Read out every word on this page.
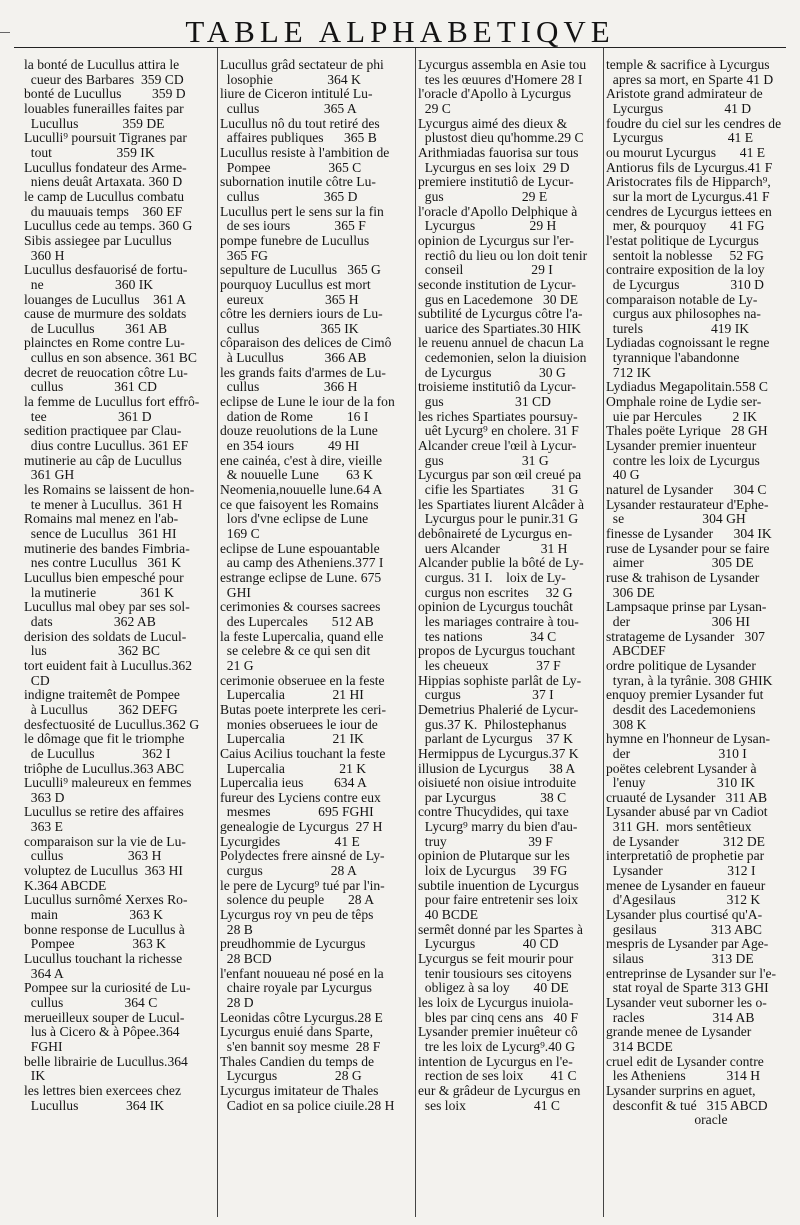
TABLE ALPHABETIQVE
la bonté de Lucullus attira le
cueur des Barbares  359 CD
bonté de Lucullus         359 D
louables funerailles faites par
Lucullus             359 DE
Luculli⁹ poursuit Tigranes par
tout                   359 IK
Lucullus fondateur des Arme-
niens deuât Artaxata. 360 D
le camp de Lucullus combatu
du mauuais temps    360 EF
Lucullus cede au temps. 360 G
Sibis assiegee par Lucullus
360 H
Lucullus desfauorisé de fortu-
ne                     360 IK
louanges de Lucullus    361 A
cause de murmure des soldats
de Lucullus         361 AB
plainctes en Rome contre Lu-
cullus en son absence. 361 BC
decret de reuocation côtre Lu-
cullus               361 CD
la femme de Lucullus fort effrô-
tee                     361 D
sedition practiquee par Clau-
dius contre Lucullus. 361 EF
mutinerie au câp de Lucullus
361 GH
les Romains se laissent de hon-
te mener à Lucullus.  361 H
Romains mal menez en l'ab-
sence de Lucullus   361 HI
mutinerie des bandes Fimbria-
nes contre Lucullus   361 K
Lucullus bien empesché pour
la mutinerie             361 K
Lucullus mal obey par ses sol-
dats                  362 AB
derision des soldats de Lucul-
lus                     362 BC
tort euident fait à Lucullus.362
CD
indigne traitemêt de Pompee
à Lucullus         362 DEFG
desfectuosité de Lucullus.362 G
le dômage que fit le triomphe
de Lucullus              362 I
triôphe de Lucullus.363 ABC
Luculli⁹ maleureux en femmes
363 D
Lucullus se retire des affaires
363 E
comparaison sur la vie de Lu-
cullus                   363 H
voluptez de Lucullus  363 HI
K.364 ABCDE
Lucullus surnômé Xerxes Ro-
main                     363 K
bonne response de Lucullus à
Pompee                 363 K
Lucullus touchant la richesse
364 A
Pompee sur la curiosité de Lu-
cullus                  364 C
merueilleux souper de Lucul-
lus à Cicero & à Pôpee.364
FGHI
belle librairie de Lucullus.364
IK
les lettres bien exercees chez
Lucullus              364 IK
Lucullus grâd sectateur de phi
losophie                364 K
liure de Ciceron intitulé Lu-
cullus                   365 A
Lucullus nô du tout retiré des
affaires publiques      365 B
Lucullus resiste à l'ambition de
Pompee                 365 C
subornation inutile côtre Lu-
cullus                   365 D
Lucullus pert le sens sur la fin
de ses iours             365 F
pompe funebre de Lucullus
365 FG
sepulture de Lucullus   365 G
pourquoy Lucullus est mort
eureux                  365 H
côtre les derniers iours de Lu-
cullus                  365 IK
côparaison des delices de Cimô
à Lucullus            366 AB
les grands faits d'armes de Lu-
cullus                   366 H
eclipse de Lune le iour de la fon
dation de Rome          16 I
douze reuolutions de la Lune
en 354 iours          49 HI
ene cainéa, c'est à dire, vieille
& nouuelle Lune        63 K
Neomenia,nouuelle lune.64 A
ce que faisoyent les Romains
lors d'vne eclipse de Lune
169 C
eclipse de Lune espouantable
au camp des Atheniens.377 I
estrange eclipse de Lune. 675
GHI
cerimonies & courses sacrees
des Lupercales       512 AB
la feste Lupercalia, quand elle
se celebre & ce qui sen dit
21 G
cerimonie obseruee en la feste
Lupercalia              21 HI
Butas poete interprete les ceri-
monies obseruees le iour de
Lupercalia              21 IK
Caius Acilius touchant la feste
Lupercalia                21 K
Lupercalia ieus         634 A
fureur des Lyciens contre eux
mesmes              695 FGHI
genealogie de Lycurgus  27 H
Lycurgides                41 E
Polydectes frere ainsné de Ly-
curgus                    28 A
le pere de Lycurg⁹ tué par l'in-
solence du peuple       28 A
Lycurgus roy vn peu de têps
28 B
preudhommie de Lycurgus
28 BCD
l'enfant nouueau né posé en la
chaire royale par Lycurgus
28 D
Leonidas côtre Lycurgus.28 E
Lycurgus enuié dans Sparte,
s'en bannit soy mesme  28 F
Thales Candien du temps de
Lycurgus                 28 G
Lycurgus imitateur de Thales
Cadiot en sa police ciuile.28 H
Lycurgus assembla en Asie tou
tes les œuures d'Homere 28 I
l'oracle d'Apollo à Lycurgus
29 C
Lycurgus aimé des dieux &
plustost dieu qu'homme.29 C
Arithmiadas fauorisa sur tous
Lycurgus en ses loix  29 D
premiere institutiô de Lycur-
gus                       29 E
l'oracle d'Apollo Delphique à
Lycurgus                29 H
opinion de Lycurgus sur l'er-
rectiô du lieu ou lon doit tenir
conseil                    29 I
seconde institution de Lycur-
gus en Lacedemone   30 DE
subtilité de Lycurgus côtre l'a-
uarice des Spartiates.30 HIK
le reuenu annuel de chacun La
cedemonien, selon la diuision
de Lycurgus              30 G
troisieme institutiô da Lycur-
gus                     31 CD
les riches Spartiates poursuy-
uêt Lycurg⁹ en cholere. 31 F
Alcander creue l'œil à Lycur-
gus                       31 G
Lycurgus par son œil creué pa
cifie les Spartiates        31 G
les Spartiates liurent Alcâder à
Lycurgus pour le punir.31 G
debônaireté de Lycurgus en-
uers Alcander            31 H
Alcander publie la bôté de Ly-
curgus. 31 I.    loix de Ly-
curgus non escrites     32 G
opinion de Lycurgus touchât
les mariages contraire à tou-
tes nations              34 C
propos de Lycurgus touchant
les cheueux              37 F
Hippias sophiste parlât de Ly-
curgus                     37 I
Demetrius Phalerié de Lycur-
gus.37 K.  Philostephanus
parlant de Lycurgus    37 K
Hermippus de Lycurgus.37 K
illusion de Lycurgus      38 A
oisiueté non oisiue introduite
par Lycurgus             38 C
contre Thucydides, qui taxe
Lycurg⁹ marry du bien d'au-
truy                        39 F
opinion de Plutarque sur les
loix de Lycurgus     39 FG
subtile inuention de Lycurgus
pour faire entretenir ses loix
40 BCDE
sermêt donné par les Spartes à
Lycurgus              40 CD
Lycurgus se feit mourir pour
tenir tousiours ses citoyens
obligez à sa loy       40 DE
les loix de Lycurgus inuiola-
bles par cinq cens ans   40 F
Lysander premier inuêteur cô
tre les loix de Lycurg⁹.40 G
intention de Lycurgus en l'e-
rection de ses loix        41 C
eur & grâdeur de Lycurgus en
ses loix                    41 C
temple & sacrifice à Lycurgus
apres sa mort, en Sparte 41 D
Aristote grand admirateur de
Lycurgus                  41 D
foudre du ciel sur les cendres de
Lycurgus                   41 E
ou mourut Lycurgus       41 E
Antiorus fils de Lycurgus.41 F
Aristocrates fils de Hipparch⁹,
sur la mort de Lycurgus.41 F
cendres de Lycurgus iettees en
mer, & pourquoy       41 FG
l'estat politique de Lycurgus
sentoit la noblesse     52 FG
contraire exposition de la loy
de Lycurgus               310 D
comparaison notable de Ly-
curgus aux philosophes na-
turels                    419 IK
Lydiadas cognoissant le regne
tyrannique l'abandonne
712 IK
Lydiadus Megapolitain.558 C
Omphale roine de Lydie ser-
uie par Hercules         2 IK
Thales poëte Lyrique   28 GH
Lysander premier inuenteur
contre les loix de Lycurgus
40 G
naturel de Lysander      304 C
Lysander restaurateur d'Ephe-
se                       304 GH
finesse de Lysander      304 IK
ruse de Lysander pour se faire
aimer                    305 DE
ruse & trahison de Lysander
306 DE
Lampsaque prinse par Lysan-
der                        306 HI
stratageme de Lysander   307
ABCDEF
ordre politique de Lysander
tyran, à la tyrânie. 308 GHIK
enquoy premier Lysander fut
desdit des Lacedemoniens
308 K
hymne en l'honneur de Lysan-
der                          310 I
poëtes celebrent Lysander à
l'enuy                     310 IK
cruauté de Lysander   311 AB
Lysander abusé par vn Cadiot
311 GH.  mors sentêtieux
de Lysander             312 DE
interpretatiô de prophetie par
Lysander                   312 I
menee de Lysander en faueur
d'Agesilaus               312 K
Lysander plus courtisé qu'A-
gesilaus                313 ABC
mespris de Lysander par Age-
silaus                    313 DE
entreprinse de Lysander sur l'e-
stat royal de Sparte 313 GHI
Lysander veut suborner les o-
racles                    314 AB
grande menee de Lysander
314 BCDE
cruel edit de Lysander contre
les Atheniens            314 H
Lysander surprins en aguet,
desconfit & tué   315 ABCD
oracle
